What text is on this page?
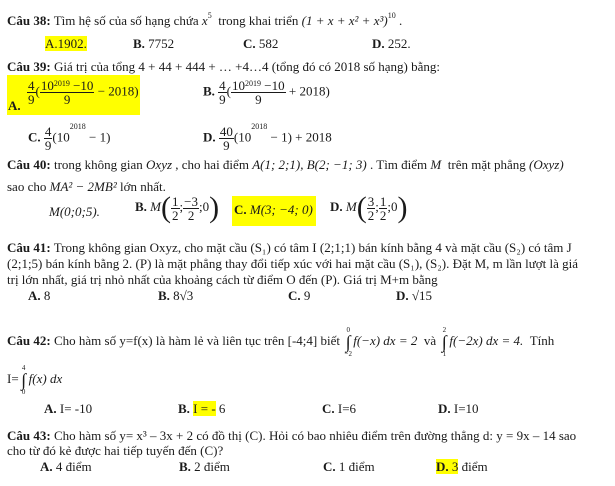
Câu 38: Tìm hệ số của số hạng chứa $x^5$ trong khai triển $(1 + x + x^2 + x^3)^{10}$ .
A.1902.	B. 7752	C. 582	D. 252.
Câu 39: Giá trị của tổng 4 + 44 + 444 + … +4…4 (tổng đó có 2018 số hạng) bằng:
A. $\frac{4}{9}$ ( $\frac{10^{2019} -10}{9} - 2018$)	B. $\frac{4}{9}$ ( $\frac{10^{2019} -10}{9} + 2018$)
C. $\frac{4}{9} (10^{2018} - 1)$	D. $\frac{40}{9} (10^{2018} - 1) + 2018$
Câu 40: trong không gian Oxyz , cho hai điểm A(1; 2;1), B(2; −1; 3) . Tìm điểm M trên mặt phẳng (Oxyz)
sao cho MA² − 2MB² lớn nhất.
M(0;0;5).	B. $M( \frac{1}{2}$ ; $\frac{-3}{2}$ ;0) C. M(3; −4; 0) D. $M( \frac{3}{2}$ ; $\frac{1}{2}$ ;0)
Câu 41: Trong không gian Oxyz, cho mặt cầu (S₁) có tâm I (2;1;1) bán kính bằng 4 và mặt cầu (S₂) có tâm J
(2;1;5) bán kính bằng 2. (P) là mặt phẳng thay đổi tiếp xúc với hai mặt cầu (S₁), (S₂). Đặt M, m lần lượt là giá
trị lớn nhất, giá trị nhỏ nhất của khoảng cách từ điểm O đến (P). Giá trị M+m bằng
A. 8	B. 8√3	C. 9	D. √15
Câu 42: Cho hàm số y=f(x) là hàm lẻ và liên tục trên [-4;4] biết
0
∫
−2
f(−x) dx = 2 và
2
∫
1
f(−2x) dx = 4. Tính
I=
4
∫
0
f(x) dx
A. I= -10	B. I = - 6	C. I=6	D. I=10
Câu 43: Cho hàm số y= x³ – 3x + 2 có đồ thị (C). Hỏi có bao nhiêu điểm trên đường thẳng d: y = 9x – 14 sao
cho từ đó kẻ được hai tiếp tuyến đến (C)?
A. 4 điểm	B. 2 điểm	C. 1 điểm	D. 3 điểm
